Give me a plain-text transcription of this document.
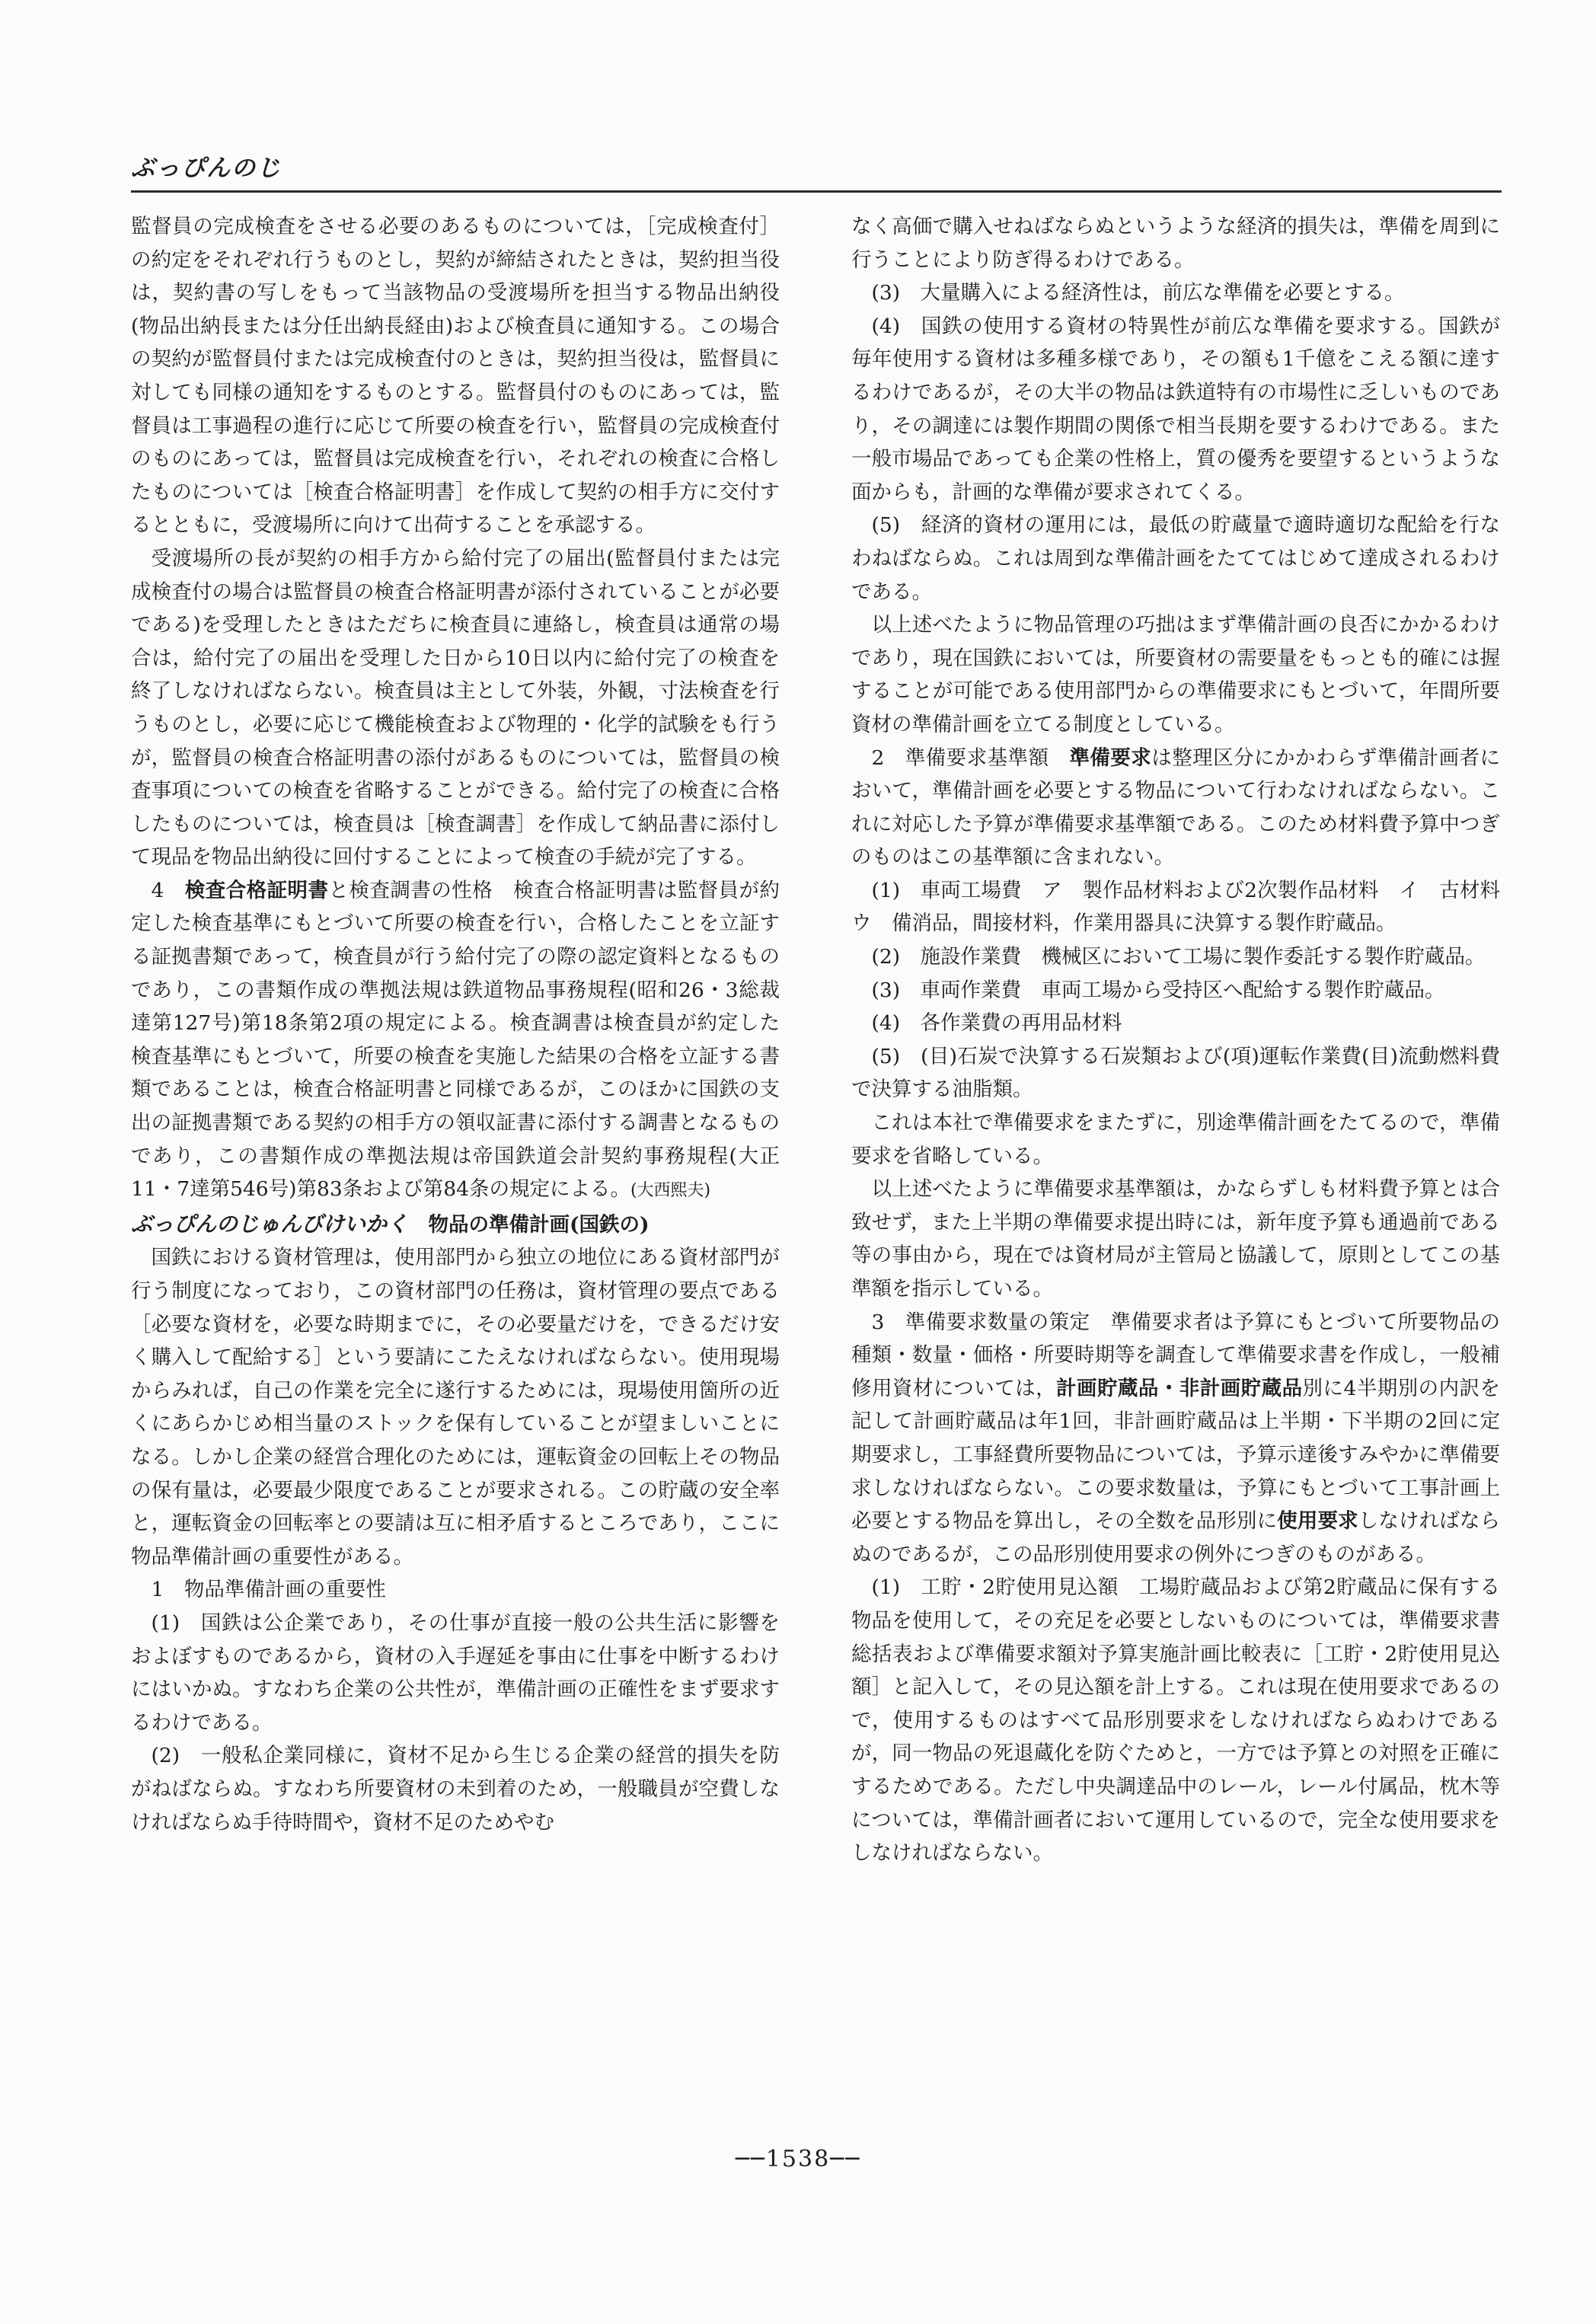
ぶっぴんのじ

監督員の完成検査をさせる必要のあるものについては，［完成検査付］の約定をそれぞれ行うものとし，契約が締結されたときは，契約担当役は，契約書の写しをもって当該物品の受渡場所を担当する物品出納役(物品出納長または分任出納長経由)および検査員に通知する。この場合の契約が監督員付または完成検査付のときは，契約担当役は，監督員に対しても同様の通知をするものとする。監督員付のものにあっては，監督員は工事過程の進行に応じて所要の検査を行い，監督員の完成検査付のものにあっては，監督員は完成検査を行い，それぞれの検査に合格したものについては［検査合格証明書］を作成して契約の相手方に交付するとともに，受渡場所に向けて出荷することを承認する。

受渡場所の長が契約の相手方から給付完了の届出(監督員付または完成検査付の場合は監督員の検査合格証明書が添付されていることが必要である)を受理したときはただちに検査員に連絡し，検査員は通常の場合は，給付完了の届出を受理した日から10日以内に給付完了の検査を終了しなければならない。検査員は主として外装，外観，寸法検査を行うものとし，必要に応じて機能検査および物理的・化学的試験をも行うが，監督員の検査合格証明書の添付があるものについては，監督員の検査事項についての検査を省略することができる。給付完了の検査に合格したものについては，検査員は［検査調書］を作成して納品書に添付して現品を物品出納役に回付することによって検査の手続が完了する。

4　検査合格証明書と検査調書の性格　検査合格証明書は監督員が約定した検査基準にもとづいて所要の検査を行い，合格したことを立証する証拠書類であって，検査員が行う給付完了の際の認定資料となるものであり，この書類作成の準拠法規は鉄道物品事務規程(昭和26・3総裁達第127号)第18条第2項の規定による。検査調書は検査員が約定した検査基準にもとづいて，所要の検査を実施した結果の合格を立証する書類であることは，検査合格証明書と同様であるが，このほかに国鉄の支出の証拠書類である契約の相手方の領収証書に添付する調書となるものであり，この書類作成の準拠法規は帝国鉄道会計契約事務規程(大正11・7達第546号)第83条および第84条の規定による。(大西熙夫)

ぶっぴんのじゅんびけいかく　 物品の準備計画(国鉄の)

国鉄における資材管理は，使用部門から独立の地位にある資材部門が行う制度になっており，この資材部門の任務は，資材管理の要点である［必要な資材を，必要な時期までに，その必要量だけを，できるだけ安く購入して配給する］という要請にこたえなければならない。使用現場からみれば，自己の作業を完全に遂行するためには，現場使用箇所の近くにあらかじめ相当量のストックを保有していることが望ましいことになる。しかし企業の経営合理化のためには，運転資金の回転上その物品の保有量は，必要最少限度であることが要求される。この貯蔵の安全率と，運転資金の回転率との要請は互に相矛盾するところであり，ここに物品準備計画の重要性がある。

1　物品準備計画の重要性

(1)　国鉄は公企業であり，その仕事が直接一般の公共生活に影響をおよぼすものであるから，資材の入手遅延を事由に仕事を中断するわけにはいかぬ。すなわち企業の公共性が，準備計画の正確性をまず要求するわけである。

(2)　一般私企業同様に，資材不足から生じる企業の経営的損失を防がねばならぬ。すなわち所要資材の未到着のため，一般職員が空費しなければならぬ手待時間や，資材不足のためやむ

なく高価で購入せねばならぬというような経済的損失は，準備を周到に行うことにより防ぎ得るわけである。

(3)　大量購入による経済性は，前広な準備を必要とする。

(4)　国鉄の使用する資材の特異性が前広な準備を要求する。国鉄が毎年使用する資材は多種多様であり，その額も1千億をこえる額に達するわけであるが，その大半の物品は鉄道特有の市場性に乏しいものであり，その調達には製作期間の関係で相当長期を要するわけである。また一般市場品であっても企業の性格上，質の優秀を要望するというような面からも，計画的な準備が要求されてくる。

(5)　経済的資材の運用には，最低の貯蔵量で適時適切な配給を行なわねばならぬ。これは周到な準備計画をたててはじめて達成されるわけである。

以上述べたように物品管理の巧拙はまず準備計画の良否にかかるわけであり，現在国鉄においては，所要資材の需要量をもっとも的確には握することが可能である使用部門からの準備要求にもとづいて，年間所要資材の準備計画を立てる制度としている。

2　準備要求基準額　準備要求は整理区分にかかわらず準備計画者において，準備計画を必要とする物品について行わなければならない。これに対応した予算が準備要求基準額である。このため材料費予算中つぎのものはこの基準額に含まれない。

(1)　車両工場費　ア　製作品材料および2次製作品材料　イ　古材料　ウ　備消品，間接材料，作業用器具に決算する製作貯蔵品。

(2)　施設作業費　機械区において工場に製作委託する製作貯蔵品。

(3)　車両作業費　車両工場から受持区へ配給する製作貯蔵品。

(4)　各作業費の再用品材料

(5)　(目)石炭で決算する石炭類および(項)運転作業費(目)流動燃料費で決算する油脂類。

これは本社で準備要求をまたずに，別途準備計画をたてるので，準備要求を省略している。

以上述べたように準備要求基準額は，かならずしも材料費予算とは合致せず，また上半期の準備要求提出時には，新年度予算も通過前である等の事由から，現在では資材局が主管局と協議して，原則としてこの基準額を指示している。

3　準備要求数量の策定　準備要求者は予算にもとづいて所要物品の種類・数量・価格・所要時期等を調査して準備要求書を作成し，一般補修用資材については，計画貯蔵品・非計画貯蔵品別に4半期別の内訳を記して計画貯蔵品は年1回，非計画貯蔵品は上半期・下半期の2回に定期要求し，工事経費所要物品については，予算示達後すみやかに準備要求しなければならない。この要求数量は，予算にもとづいて工事計画上必要とする物品を算出し，その全数を品形別に使用要求しなければならぬのであるが，この品形別使用要求の例外につぎのものがある。

(1)　工貯・2貯使用見込額　工場貯蔵品および第2貯蔵品に保有する物品を使用して，その充足を必要としないものについては，準備要求書総括表および準備要求額対予算実施計画比較表に［工貯・2貯使用見込額］と記入して，その見込額を計上する。これは現在使用要求であるので，使用するものはすべて品形別要求をしなければならぬわけであるが，同一物品の死退蔵化を防ぐためと，一方では予算との対照を正確にするためである。ただし中央調達品中のレール，レール付属品，枕木等については，準備計画者において運用しているので，完全な使用要求をしなければならない。

──1538──
